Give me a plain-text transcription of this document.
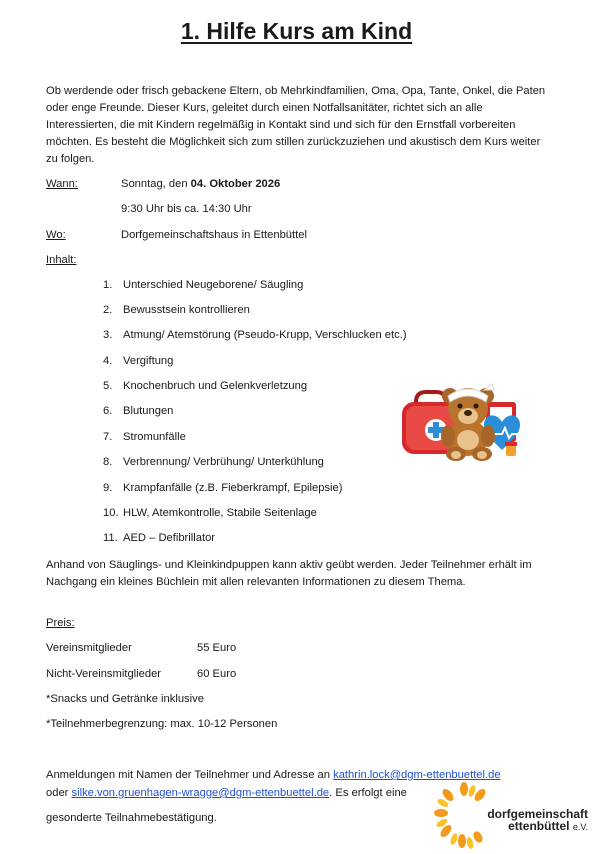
1. Hilfe Kurs am Kind
Ob werdende oder frisch gebackene Eltern, ob Mehrkindfamilien, Oma, Opa, Tante, Onkel, die Paten oder enge Freunde. Dieser Kurs, geleitet durch einen Notfallsanitäter, richtet sich an alle Interessierten, die mit Kindern regelmäßig in Kontakt sind und sich für den Ernstfall vorbereiten möchten. Es besteht die Möglichkeit sich zum stillen zurückzuziehen und akustisch dem Kurs weiter zu folgen.
Wann:	Sonntag, den 04. Oktober 2026
9:30 Uhr bis ca. 14:30 Uhr
Wo:	Dorfgemeinschaftshaus in Ettenbüttel
Inhalt:
1. Unterschied Neugeborene/ Säugling
2. Bewusstsein kontrollieren
3. Atmung/ Atemstörung (Pseudo-Krupp, Verschlucken etc.)
4. Vergiftung
5. Knochenbruch und Gelenkverletzung
6. Blutungen
7. Stromunfälle
8. Verbrennung/ Verbrühung/ Unterkühlung
9. Krampfanfälle (z.B. Fieberkrampf, Epilepsie)
10. HLW, Atemkontrolle, Stabile Seitenlage
11. AED – Defibrillator
Anhand von Säuglings- und Kleinkindpuppen kann aktiv geübt werden. Jeder Teilnehmer erhält im Nachgang ein kleines Büchlein mit allen relevanten Informationen zu diesem Thema.
Preis:
Vereinsmitglieder	55 Euro
Nicht-Vereinsmitglieder	60 Euro
*Snacks und Getränke inklusive
*Teilnehmerbegrenzung: max. 10-12 Personen
Anmeldungen mit Namen der Teilnehmer und Adresse an kathrin.lock@dgm-ettenbuettel.de
oder silke.von.gruenhagen-wragge@dgm-ettenbuettel.de. Es erfolgt eine
gesonderte Teilnahmebestätigung.	dorfgemeinschaft
ettenbüttel e.V.
